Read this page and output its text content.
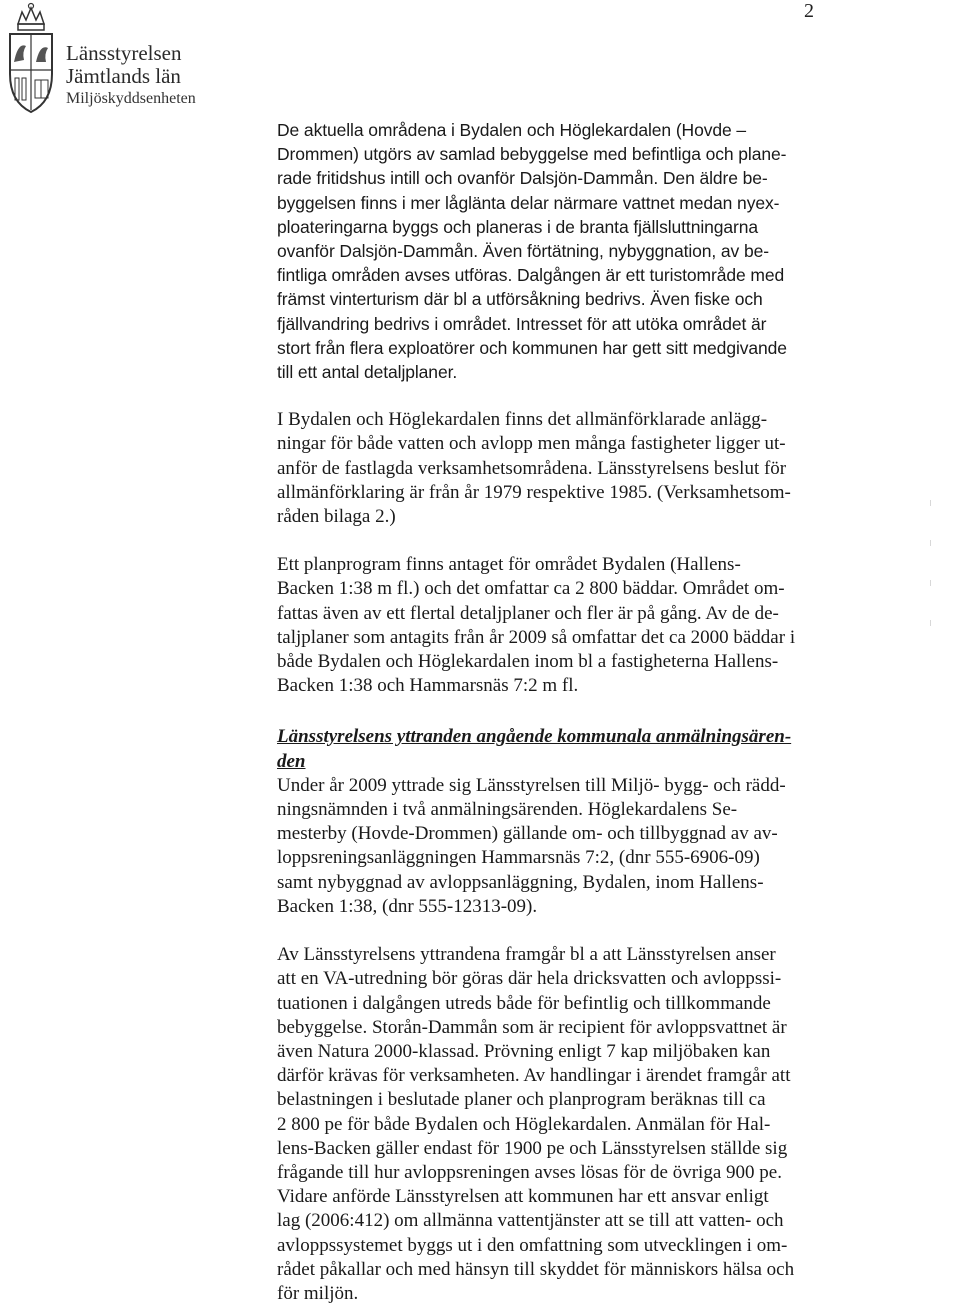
Länsstyrelsen
Jämtlands län
Miljöskyddsenheten
2

De aktuella områdena i Bydalen och Höglekardalen (Hovde –
Drommen) utgörs av samlad bebyggelse med befintliga och plane-
rade fritidshus intill och ovanför Dalsjön-Dammån. Den äldre be-
byggelsen finns i mer låglänta delar närmare vattnet medan nyex-
ploateringarna byggs och planeras i de branta fjällsluttningarna
ovanför Dalsjön-Dammån. Även förtätning, nybyggnation, av be-
fintliga områden avses utföras. Dalgången är ett turistområde med
främst vinterturism där bl a utförsåkning bedrivs. Även fiske och
fjällvandring bedrivs i området. Intresset för att utöka området är
stort från flera exploatörer och kommunen har gett sitt medgivande
till ett antal detaljplaner.

I Bydalen och Höglekardalen finns det allmänförklarade anlägg-
ningar för både vatten och avlopp men många fastigheter ligger ut-
anför de fastlagda verksamhetsområdena. Länsstyrelsens beslut för
allmänförklaring är från år 1979 respektive 1985. (Verksamhetsom-
råden bilaga 2.)

Ett planprogram finns antaget för området Bydalen (Hallens-
Backen 1:38 m fl.) och det omfattar ca 2 800 bäddar. Området om-
fattas även av ett flertal detaljplaner och fler är på gång. Av de de-
taljplaner som antagits från år 2009 så omfattar det ca 2000 bäddar i
både Bydalen och Höglekardalen inom bl a fastigheterna Hallens-
Backen 1:38 och Hammarsnäs 7:2 m fl.

Länsstyrelsens yttranden angående kommunala anmälningsären-
den

Under år 2009 yttrade sig Länsstyrelsen till Miljö- bygg- och rädd-
ningsnämnden i två anmälningsärenden. Höglekardalens Se-
mesterby (Hovde-Drommen) gällande om- och tillbyggnad av av-
loppsreningsanläggningen Hammarsnäs 7:2, (dnr 555-6906-09)
samt nybyggnad av avloppsanläggning, Bydalen, inom Hallens-
Backen 1:38, (dnr 555-12313-09).

Av Länsstyrelsens yttrandena framgår bl a att Länsstyrelsen anser
att en VA-utredning bör göras där hela dricksvatten och avloppssi-
tuationen i dalgången utreds både för befintlig och tillkommande
bebyggelse. Storån-Dammån som är recipient för avloppsvattnet är
även Natura 2000-klassad. Prövning enligt 7 kap miljöbaken kan
därför krävas för verksamheten. Av handlingar i ärendet framgår att
belastningen i beslutade planer och planprogram beräknas till ca
2 800 pe för både Bydalen och Höglekardalen. Anmälan för Hal-
lens-Backen gäller endast för 1900 pe och Länsstyrelsen ställde sig
frågande till hur avloppsreningen avses lösas för de övriga 900 pe.
Vidare anförde Länsstyrelsen att kommunen har ett ansvar enligt
lag (2006:412) om allmänna vattentjänster att se till att vatten- och
avloppssystemet byggs ut i den omfattning som utvecklingen i om-
rådet påkallar och med hänsyn till skyddet för människors hälsa och
för miljön.
